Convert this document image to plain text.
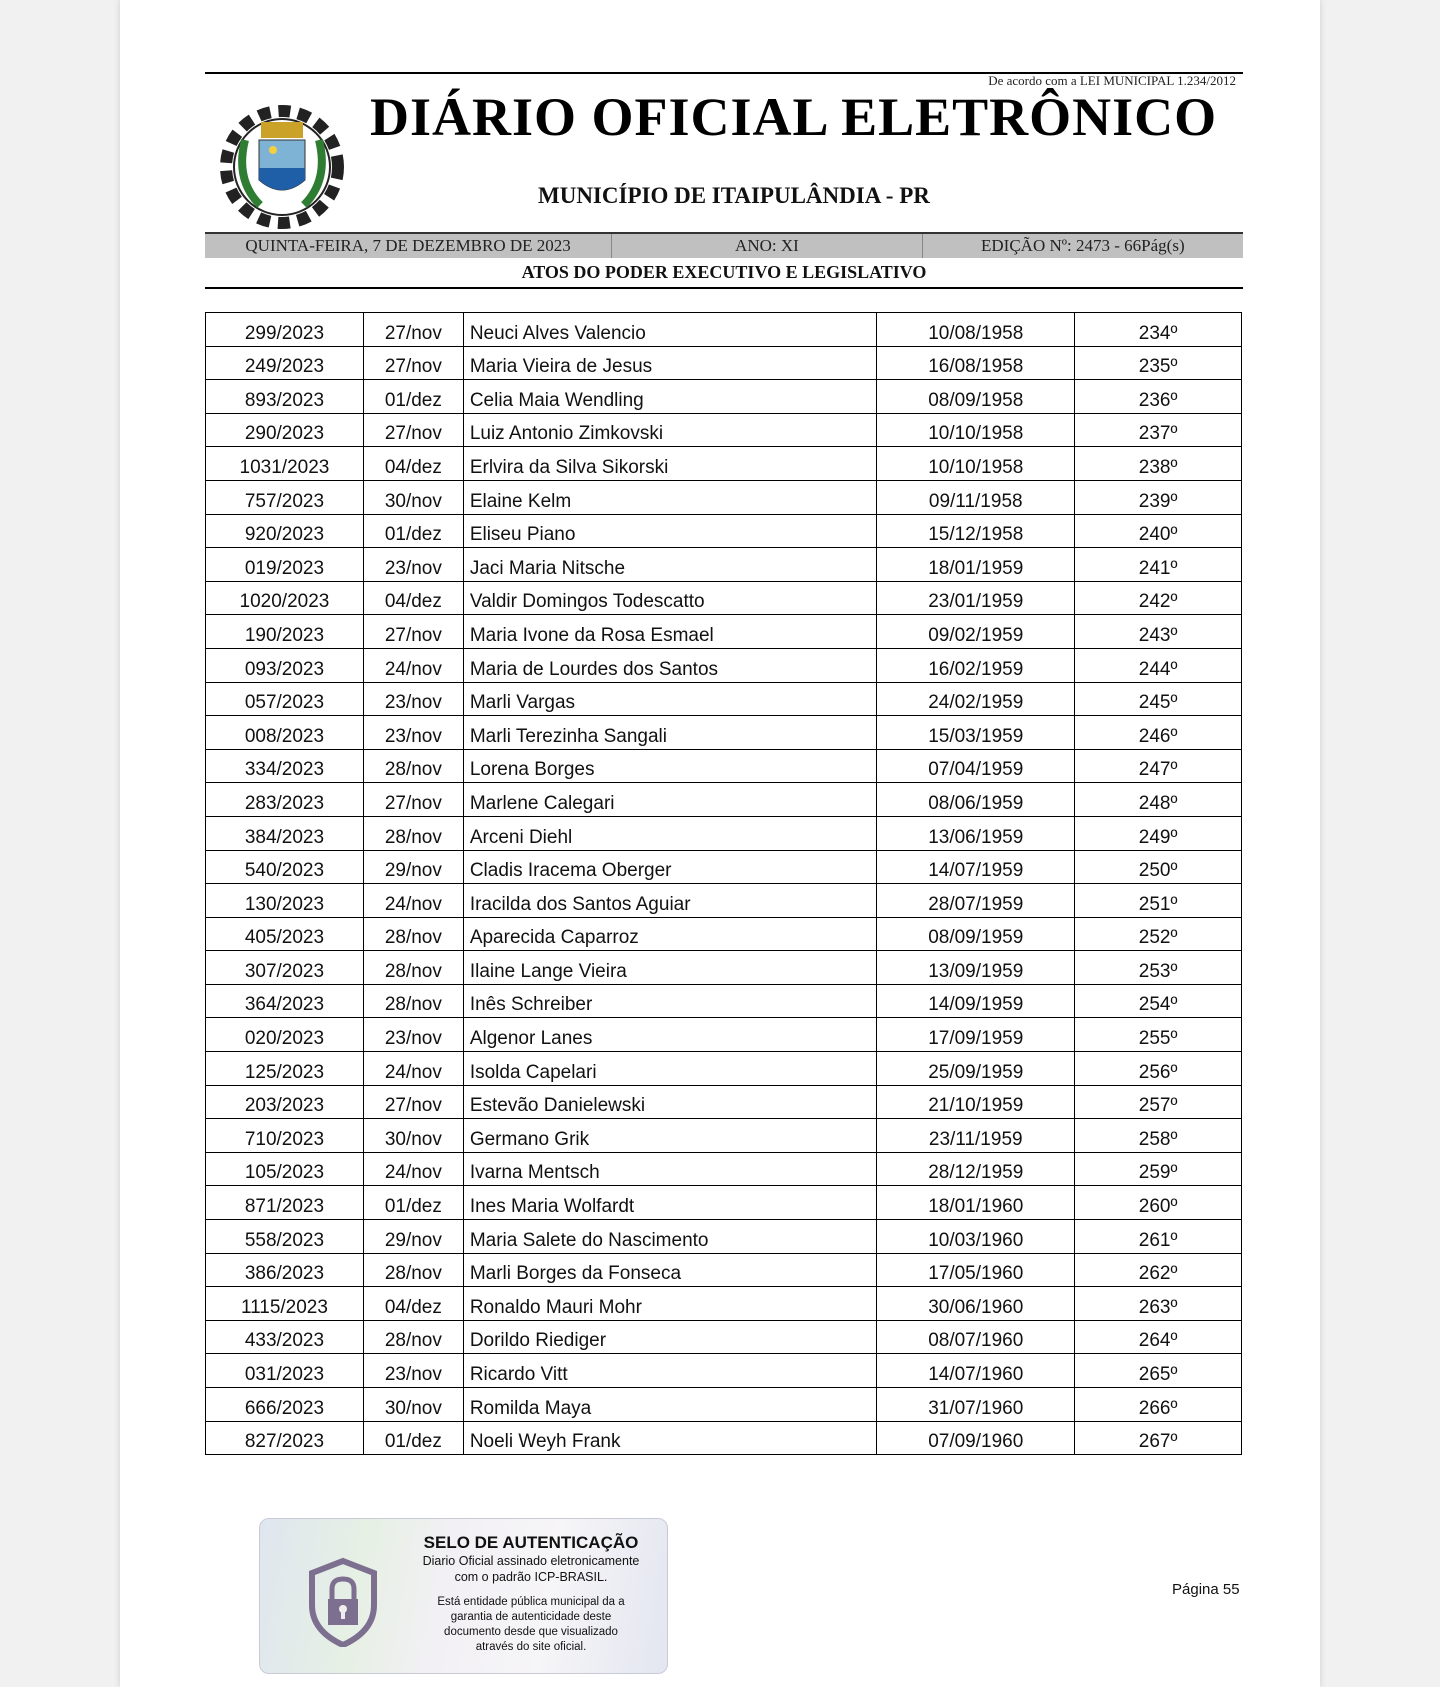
De acordo com a LEI MUNICIPAL 1.234/2012
DIÁRIO OFICIAL ELETRÔNICO
MUNICÍPIO DE ITAIPULÂNDIA - PR
QUINTA-FEIRA, 7 DE DEZEMBRO DE 2023	ANO: XI	EDIÇÃO Nº: 2473 - 66Pág(s)
ATOS DO PODER EXECUTIVO E LEGISLATIVO
299/2023	27/nov	Neuci Alves Valencio	10/08/1958	234º
249/2023	27/nov	Maria Vieira de Jesus	16/08/1958	235º
893/2023	01/dez	Celia Maia Wendling	08/09/1958	236º
290/2023	27/nov	Luiz Antonio Zimkovski	10/10/1958	237º
1031/2023	04/dez	Erlvira da Silva Sikorski	10/10/1958	238º
757/2023	30/nov	Elaine Kelm	09/11/1958	239º
920/2023	01/dez	Eliseu Piano	15/12/1958	240º
019/2023	23/nov	Jaci Maria Nitsche	18/01/1959	241º
1020/2023	04/dez	Valdir Domingos Todescatto	23/01/1959	242º
190/2023	27/nov	Maria Ivone da Rosa Esmael	09/02/1959	243º
093/2023	24/nov	Maria de Lourdes dos Santos	16/02/1959	244º
057/2023	23/nov	Marli Vargas	24/02/1959	245º
008/2023	23/nov	Marli Terezinha Sangali	15/03/1959	246º
334/2023	28/nov	Lorena Borges	07/04/1959	247º
283/2023	27/nov	Marlene Calegari	08/06/1959	248º
384/2023	28/nov	Arceni Diehl	13/06/1959	249º
540/2023	29/nov	Cladis Iracema Oberger	14/07/1959	250º
130/2023	24/nov	Iracilda dos Santos Aguiar	28/07/1959	251º
405/2023	28/nov	Aparecida Caparroz	08/09/1959	252º
307/2023	28/nov	Ilaine Lange Vieira	13/09/1959	253º
364/2023	28/nov	Inês Schreiber	14/09/1959	254º
020/2023	23/nov	Algenor Lanes	17/09/1959	255º
125/2023	24/nov	Isolda Capelari	25/09/1959	256º
203/2023	27/nov	Estevão Danielewski	21/10/1959	257º
710/2023	30/nov	Germano Grik	23/11/1959	258º
105/2023	24/nov	Ivarna Mentsch	28/12/1959	259º
871/2023	01/dez	Ines Maria Wolfardt	18/01/1960	260º
558/2023	29/nov	Maria Salete do Nascimento	10/03/1960	261º
386/2023	28/nov	Marli Borges da Fonseca	17/05/1960	262º
1115/2023	04/dez	Ronaldo Mauri Mohr	30/06/1960	263º
433/2023	28/nov	Dorildo Riediger	08/07/1960	264º
031/2023	23/nov	Ricardo Vitt	14/07/1960	265º
666/2023	30/nov	Romilda Maya	31/07/1960	266º
827/2023	01/dez	Noeli Weyh Frank	07/09/1960	267º
SELO DE AUTENTICAÇÃO
Diario Oficial assinado eletronicamente
com o padrão ICP-BRASIL.
Está entidade pública municipal da a garantia de autenticidade deste documento desde que visualizado através do site oficial.
Página 55
